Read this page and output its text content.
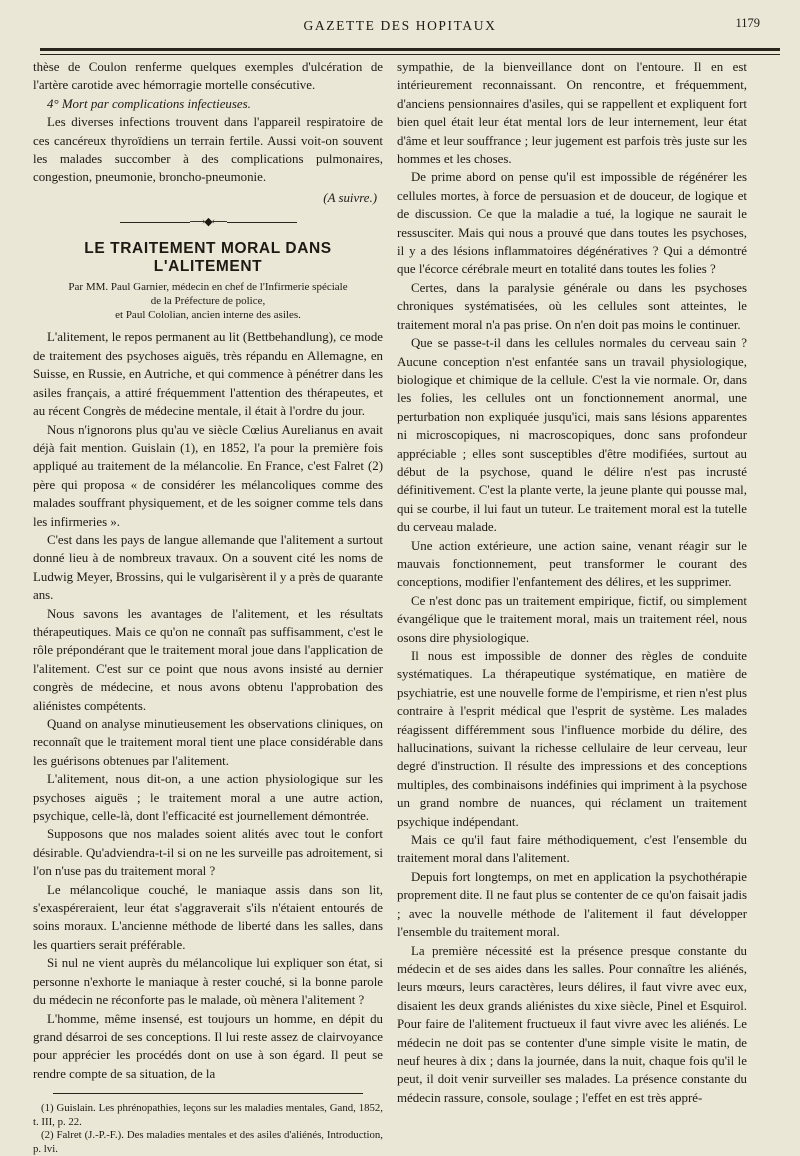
GAZETTE DES HOPITAUX	1179

thèse de Coulon renferme quelques exemples d'ulcération de l'artère carotide avec hémorragie mortelle consécutive.

4° Mort par complications infectieuses.

Les diverses infections trouvent dans l'appareil respiratoire de ces cancéreux thyroïdiens un terrain fertile. Aussi voit-on souvent les malades succomber à des complications pulmonaires, congestion, pneumonie, broncho-pneumonie.

(A suivre.)
⟶◆⟵
LE TRAITEMENT MORAL DANS L'ALITEMENT
Par MM. Paul Garnier, médecin en chef de l'Infirmerie spéciale
de la Préfecture de police,
et Paul Cololian, ancien interne des asiles.

L'alitement, le repos permanent au lit (Bettbehandlung), ce mode de traitement des psychoses aiguës, très répandu en Allemagne, en Suisse, en Russie, en Autriche, et qui commence à pénétrer dans les asiles français, a attiré fréquemment l'attention des thérapeutes, et au récent Congrès de médecine mentale, il était à l'ordre du jour.

Nous n'ignorons plus qu'au ve siècle Cœlius Aurelianus en avait déjà fait mention. Guislain (1), en 1852, l'a pour la première fois appliqué au traitement de la mélancolie. En France, c'est Falret (2) père qui proposa « de considérer les mélancoliques comme des malades souffrant physiquement, et de les soigner comme tels dans les infirmeries ».

C'est dans les pays de langue allemande que l'alitement a surtout donné lieu à de nombreux travaux. On a souvent cité les noms de Ludwig Meyer, Brossins, qui le vulgarisèrent il y a près de quarante ans.

Nous savons les avantages de l'alitement, et les résultats thérapeutiques. Mais ce qu'on ne connaît pas suffisamment, c'est le rôle prépondérant que le traitement moral joue dans l'application de l'alitement. C'est sur ce point que nous avons insisté au dernier congrès de médecine, et nous avons obtenu l'approbation des aliénistes compétents.

Quand on analyse minutieusement les observations cliniques, on reconnaît que le traitement moral tient une place considérable dans les guérisons obtenues par l'alitement.

L'alitement, nous dit-on, a une action physiologique sur les psychoses aiguës ; le traitement moral a une autre action, psychique, celle-là, dont l'efficacité est journellement démontrée.

Supposons que nos malades soient alités avec tout le confort désirable. Qu'adviendra-t-il si on ne les surveille pas adroitement, si l'on n'use pas du traitement moral ?

Le mélancolique couché, le maniaque assis dans son lit, s'exaspéreraient, leur état s'aggraverait s'ils n'étaient entourés de soins moraux. L'ancienne méthode de liberté dans les salles, dans les quartiers serait préférable.

Si nul ne vient auprès du mélancolique lui expliquer son état, si personne n'exhorte le maniaque à rester couché, si la bonne parole du médecin ne réconforte pas le malade, où mènera l'alitement ?

L'homme, même insensé, est toujours un homme, en dépit du grand désarroi de ses conceptions. Il lui reste assez de clairvoyance pour apprécier les procédés dont on use à son égard. Il peut se rendre compte de sa situation, de la

(1) Guislain. Les phrénopathies, leçons sur les maladies mentales, Gand, 1852, t. III, p. 22.

(2) Falret (J.-P.-F.). Des maladies mentales et des asiles d'aliénés, Introduction, p. lvi.

sympathie, de la bienveillance dont on l'entoure. Il en est intérieurement reconnaissant. On rencontre, et fréquemment, d'anciens pensionnaires d'asiles, qui se rappellent et expliquent fort bien quel était leur état mental lors de leur internement, leur état d'âme et leur souffrance ; leur jugement est parfois très juste sur les hommes et les choses.

De prime abord on pense qu'il est impossible de régénérer les cellules mortes, à force de persuasion et de douceur, de logique et de discussion. Ce que la maladie a tué, la logique ne saurait le ressusciter. Mais qui nous a prouvé que dans toutes les psychoses, il y a des lésions inflammatoires dégénératives ? Qui a démontré que l'écorce cérébrale meurt en totalité dans toutes les folies ?

Certes, dans la paralysie générale ou dans les psychoses chroniques systématisées, où les cellules sont atteintes, le traitement moral n'a pas prise. On n'en doit pas moins le continuer.

Que se passe-t-il dans les cellules normales du cerveau sain ? Aucune conception n'est enfantée sans un travail physiologique, biologique et chimique de la cellule. C'est la vie normale. Or, dans les folies, les cellules ont un fonctionnement anormal, une perturbation non expliquée jusqu'ici, mais sans lésions apparentes ni microscopiques, ni macroscopiques, donc sans profondeur appréciable ; elles sont susceptibles d'être modifiées, surtout au début de la psychose, quand le délire n'est pas incrusté définitivement. C'est la plante verte, la jeune plante qui pousse mal, qui se courbe, il lui faut un tuteur. Le traitement moral est la tutelle du cerveau malade.

Une action extérieure, une action saine, venant réagir sur le mauvais fonctionnement, peut transformer le courant des conceptions, modifier l'enfantement des délires, et les supprimer.

Ce n'est donc pas un traitement empirique, fictif, ou simplement évangélique que le traitement moral, mais un traitement réel, nous osons dire physiologique.

Il nous est impossible de donner des règles de conduite systématiques. La thérapeutique systématique, en matière de psychiatrie, est une nouvelle forme de l'empirisme, et rien n'est plus contraire à l'esprit médical que l'esprit de système. Les malades réagissent différemment sous l'influence morbide du délire, des hallucinations, suivant la richesse cellulaire de leur cerveau, leur degré d'instruction. Il résulte des impressions et des conceptions multiples, des combinaisons indéfinies qui impriment à la psychose un grand nombre de nuances, qui réclament un traitement psychique indépendant.

Mais ce qu'il faut faire méthodiquement, c'est l'ensemble du traitement moral dans l'alitement.

Depuis fort longtemps, on met en application la psychothérapie proprement dite. Il ne faut plus se contenter de ce qu'on faisait jadis ; avec la nouvelle méthode de l'alitement il faut développer l'ensemble du traitement moral.

La première nécessité est la présence presque constante du médecin et de ses aides dans les salles. Pour connaître les aliénés, leurs mœurs, leurs caractères, leurs délires, il faut vivre avec eux, disaient les deux grands aliénistes du xixe siècle, Pinel et Esquirol. Pour faire de l'alitement fructueux il faut vivre avec les aliénés. Le médecin ne doit pas se contenter d'une simple visite le matin, de neuf heures à dix ; dans la journée, dans la nuit, chaque fois qu'il le peut, il doit venir surveiller ses malades. La présence constante du médecin rassure, console, soulage ; l'effet en est très appré-
